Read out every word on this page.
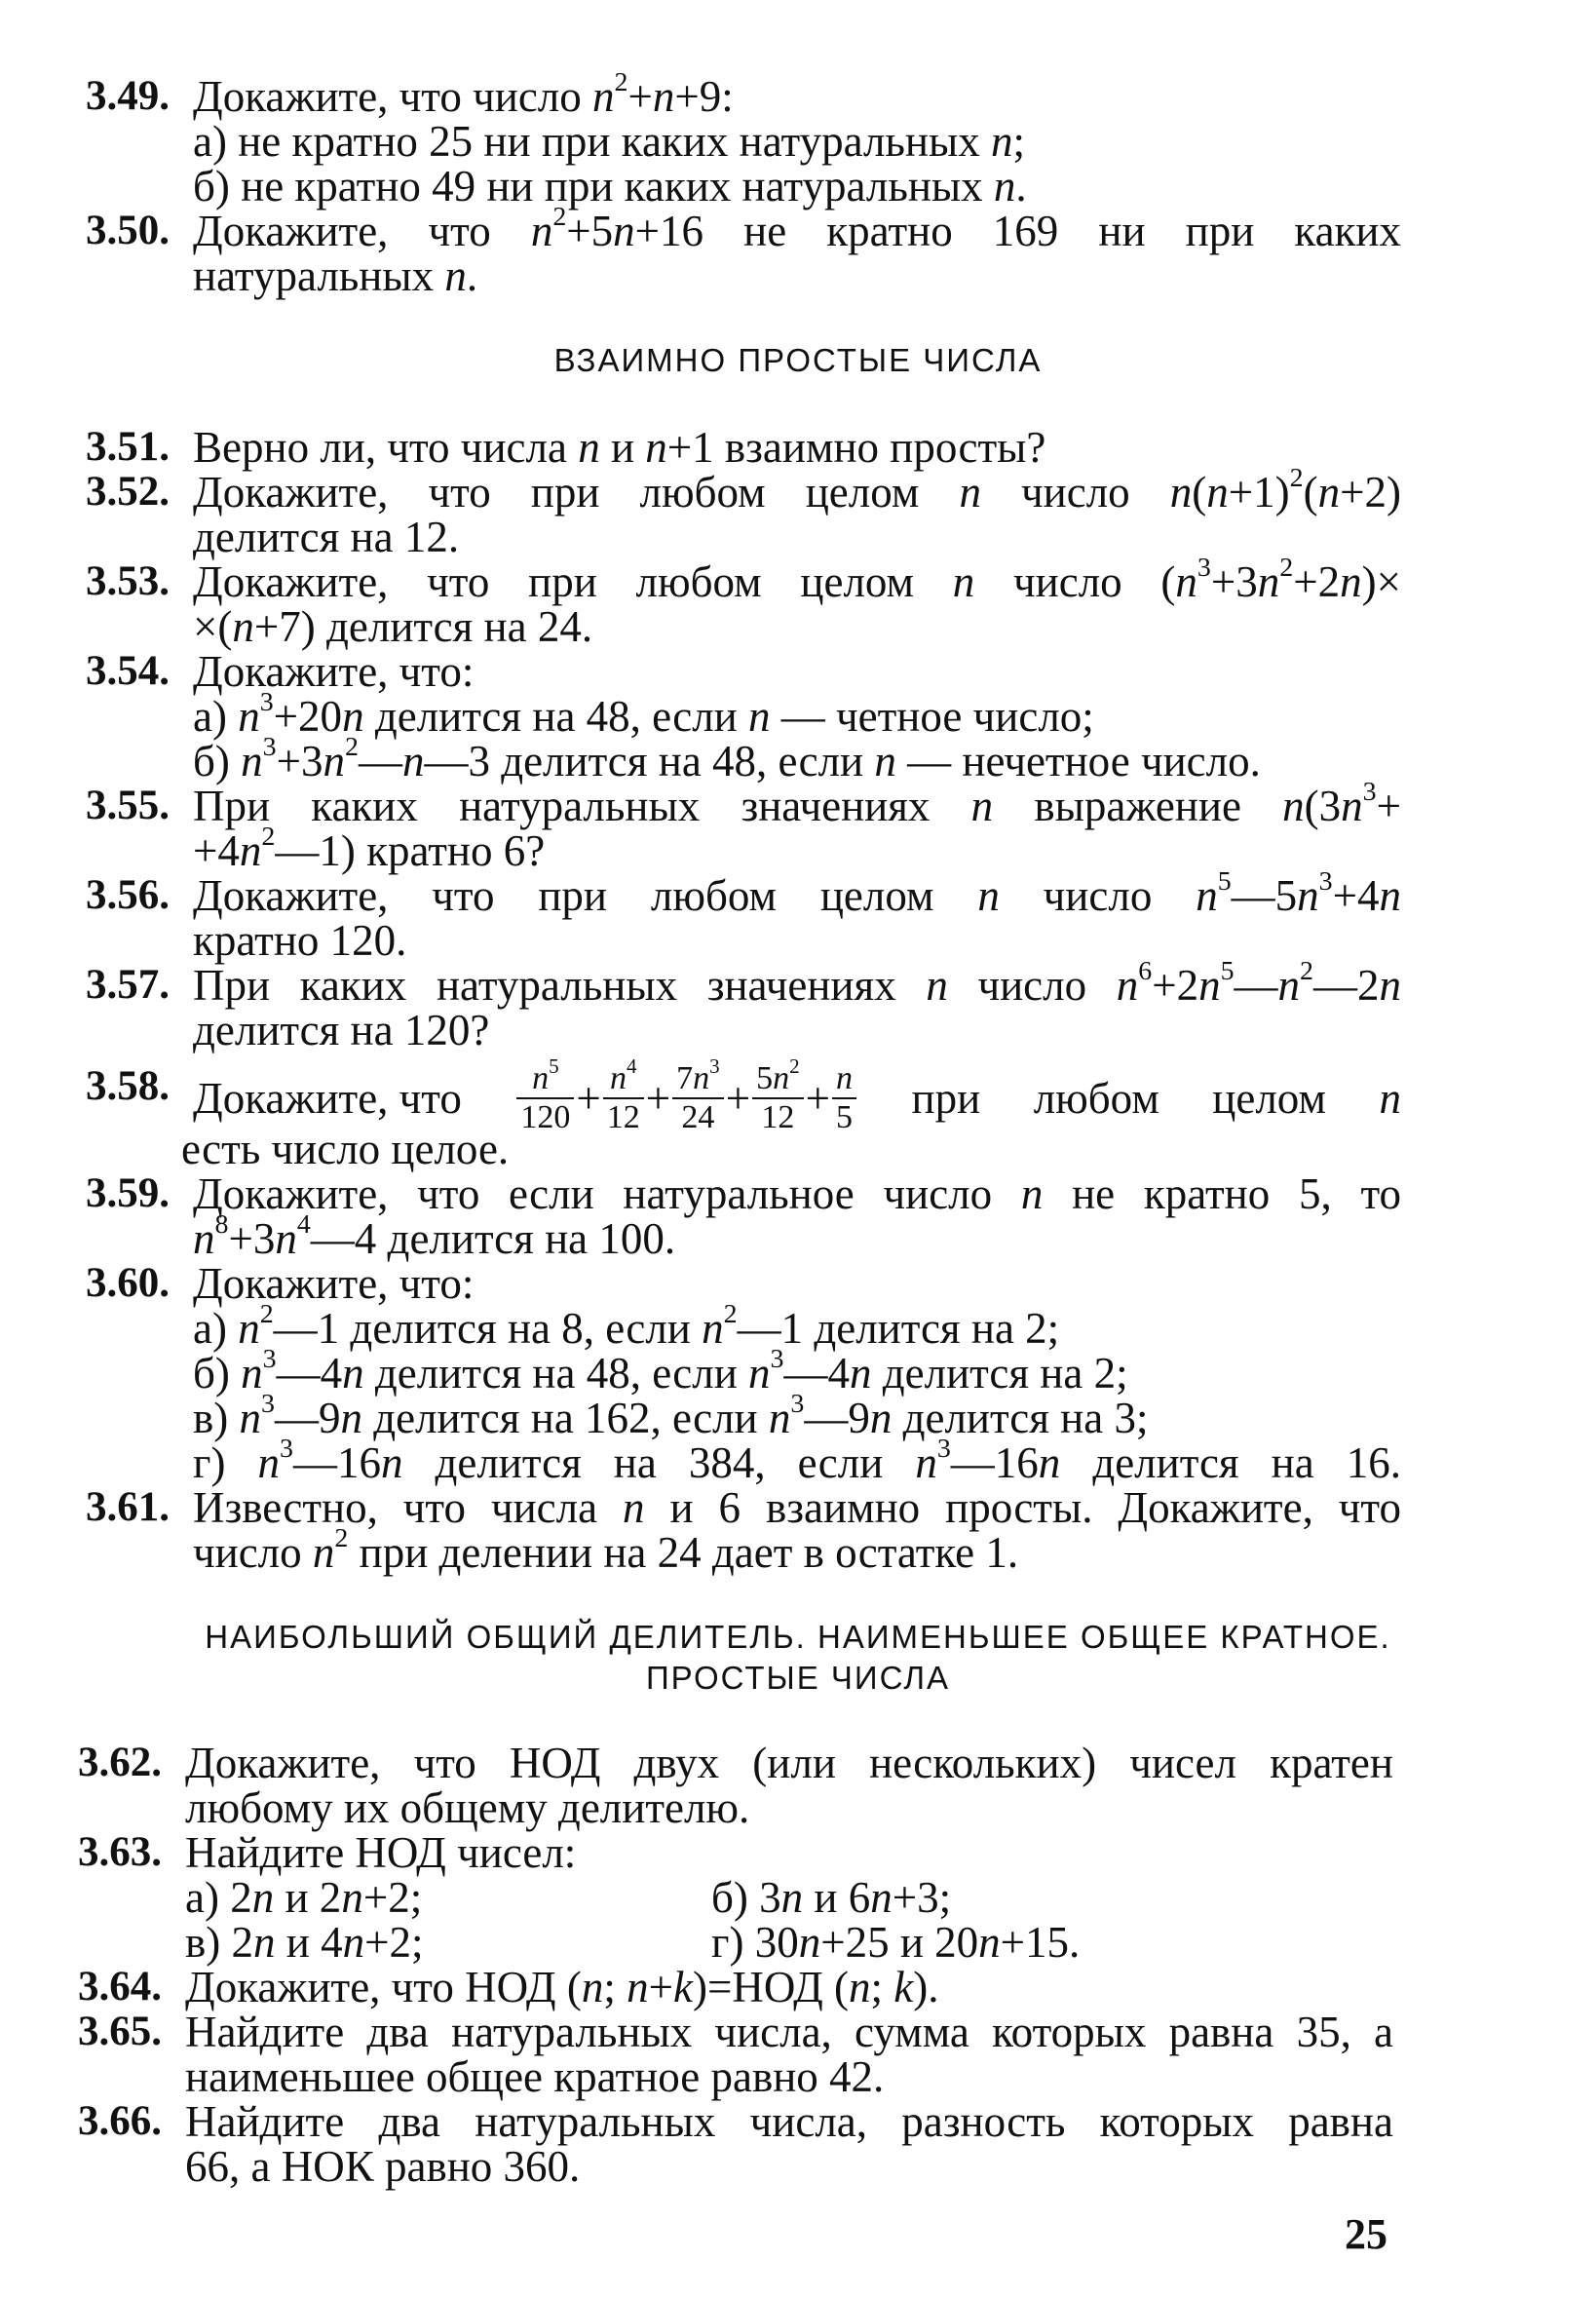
3.49. Докажите, что число $n^2+n+9$:
а) не кратно 25 ни при каких натуральных n;
б) не кратно 49 ни при каких натуральных n.
3.50. Докажите, что $n^2+5n+16$ не кратно 169 ни при каких
натуральных n.
ВЗАИМНО ПРОСТЫЕ ЧИСЛА
3.51. Верно ли, что числа n и n+1 взаимно просты?
3.52. Докажите, что при любом целом n число $n(n+1)^2(n+2)$
делится на 12.
3.53. Докажите, что при любом целом n число $(n^3+3n^2+2n)\times$
×(n+7) делится на 24.
3.54. Докажите, что:
а) $n^3+20n$ делится на 48, если n — четное число;
б) $n^3+3n^2—n—3$ делится на 48, если n — нечетное число.
3.55. При каких натуральных значениях n выражение $n(3n^3+$
$+4n^2—1$) кратно 6?
3.56. Докажите, что при любом целом n число $n^5—5n^3+4n$
кратно 120.
3.57. При каких натуральных значениях n число $n^6+2n^5—n^2—2n$
делится на 120?
3.58. Докажите, что $\frac{n^5}{120} + \frac{n^4}{12} + \frac{7n^3}{24} + \frac{5n^2}{12} + \frac{n}{5}$ при любом целом n
есть число целое.
3.59. Докажите, что если натуральное число n не кратно 5, то
$n^8+3n^4—4$ делится на 100.
3.60. Докажите, что:
а) $n^2—1$ делится на 8, если $n^2—1$ делится на 2;
б) $n^3—4n$ делится на 48, если $n^3—4n$ делится на 2;
в) $n^3—9n$ делится на 162, если $n^3—9n$ делится на 3;
г) $n^3—16n$ делится на 384, если $n^3—16n$ делится на 16.
3.61. Известно, что числа n и 6 взаимно просты. Докажите, что
число $n^2$ при делении на 24 дает в остатке 1.
НАИБОЛЬШИЙ ОБЩИЙ ДЕЛИТЕЛЬ. НАИМЕНЬШЕЕ ОБЩЕЕ КРАТНОЕ.
ПРОСТЫЕ ЧИСЛА
3.62. Докажите, что НОД двух (или нескольких) чисел кратен
любому их общему делителю.
3.63. Найдите НОД чисел:
а) 2n и 2n+2;	б) 3n и 6n+3;
в) 2n и 4n+2;	г) 30n+25 и 20n+15.
3.64. Докажите, что НОД (n; n+k)=НОД (n; k).
3.65. Найдите два натуральных числа, сумма которых равна 35, а
наименьшее общее кратное равно 42.
3.66. Найдите два натуральных числа, разность которых равна
66, а НОК равно 360.
25
